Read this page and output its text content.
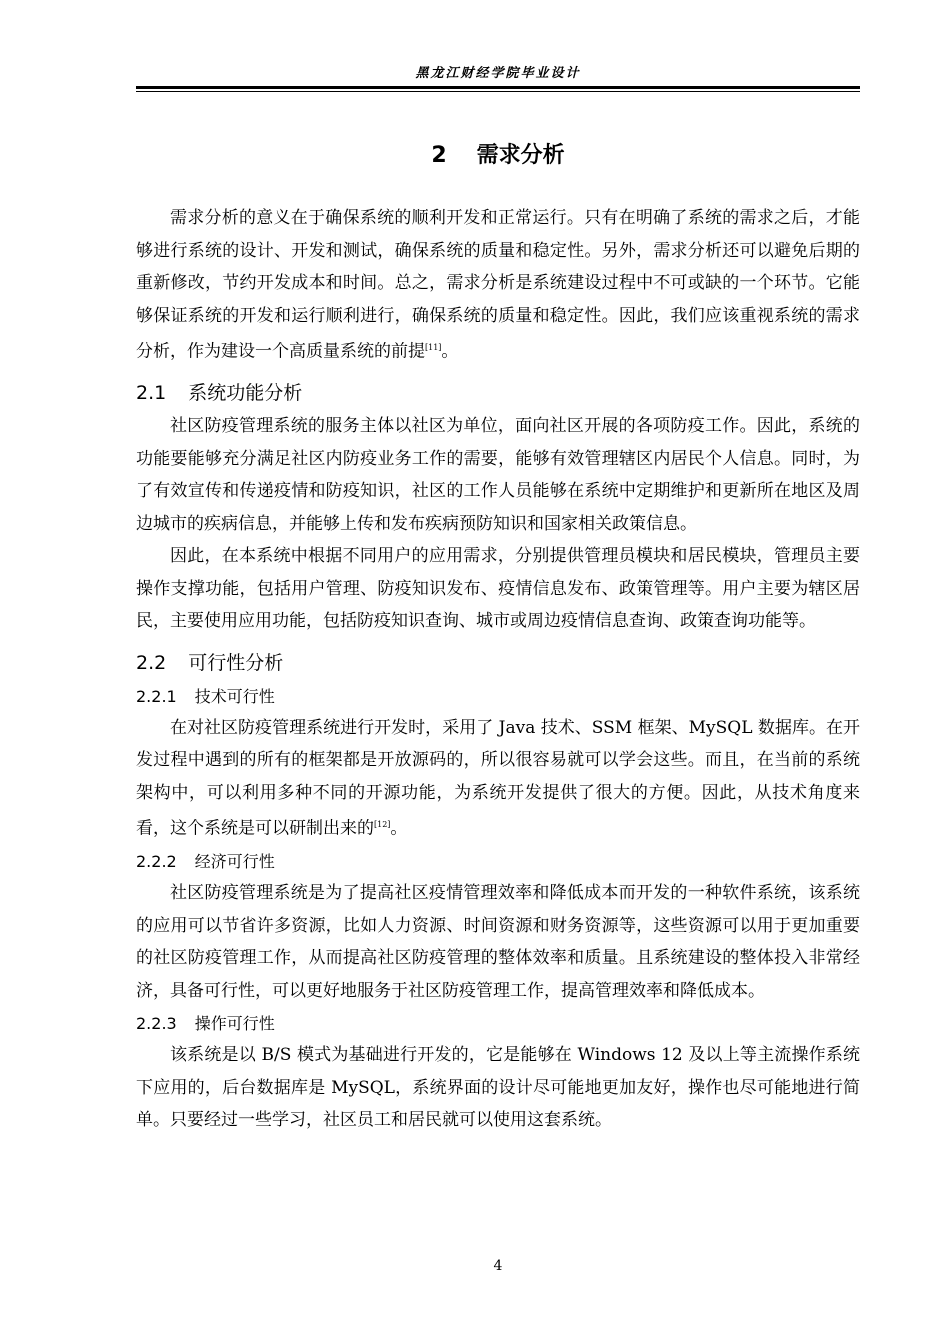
黑龙江财经学院毕业设计
2 需求分析

需求分析的意义在于确保系统的顺利开发和正常运行。只有在明确了系统的需求之后，才能够进行系统的设计、开发和测试，确保系统的质量和稳定性。另外，需求分析还可以避免后期的重新修改，节约开发成本和时间。总之，需求分析是系统建设过程中不可或缺的一个环节。它能够保证系统的开发和运行顺利进行，确保系统的质量和稳定性。因此，我们应该重视系统的需求分析，作为建设一个高质量系统的前提[11]。

2.1 系统功能分析

社区防疫管理系统的服务主体以社区为单位，面向社区开展的各项防疫工作。因此，系统的功能要能够充分满足社区内防疫业务工作的需要，能够有效管理辖区内居民个人信息。同时，为了有效宣传和传递疫情和防疫知识，社区的工作人员能够在系统中定期维护和更新所在地区及周边城市的疾病信息，并能够上传和发布疾病预防知识和国家相关政策信息。

因此，在本系统中根据不同用户的应用需求，分别提供管理员模块和居民模块，管理员主要操作支撑功能，包括用户管理、防疫知识发布、疫情信息发布、政策管理等。用户主要为辖区居民，主要使用应用功能，包括防疫知识查询、城市或周边疫情信息查询、政策查询功能等。

2.2 可行性分析
2.2.1 技术可行性

在对社区防疫管理系统进行开发时，采用了 Java 技术、SSM 框架、MySQL 数据库。在开发过程中遇到的所有的框架都是开放源码的，所以很容易就可以学会这些。而且，在当前的系统架构中，可以利用多种不同的开源功能，为系统开发提供了很大的方便。因此，从技术角度来看，这个系统是可以研制出来的[12]。

2.2.2 经济可行性

社区防疫管理系统是为了提高社区疫情管理效率和降低成本而开发的一种软件系统，该系统的应用可以节省许多资源，比如人力资源、时间资源和财务资源等，这些资源可以用于更加重要的社区防疫管理工作，从而提高社区防疫管理的整体效率和质量。且系统建设的整体投入非常经济，具备可行性，可以更好地服务于社区防疫管理工作，提高管理效率和降低成本。

2.2.3 操作可行性

该系统是以 B/S 模式为基础进行开发的，它是能够在 Windows 12 及以上等主流操作系统下应用的，后台数据库是 MySQL，系统界面的设计尽可能地更加友好，操作也尽可能地进行简单。只要经过一些学习，社区员工和居民就可以使用这套系统。

4
